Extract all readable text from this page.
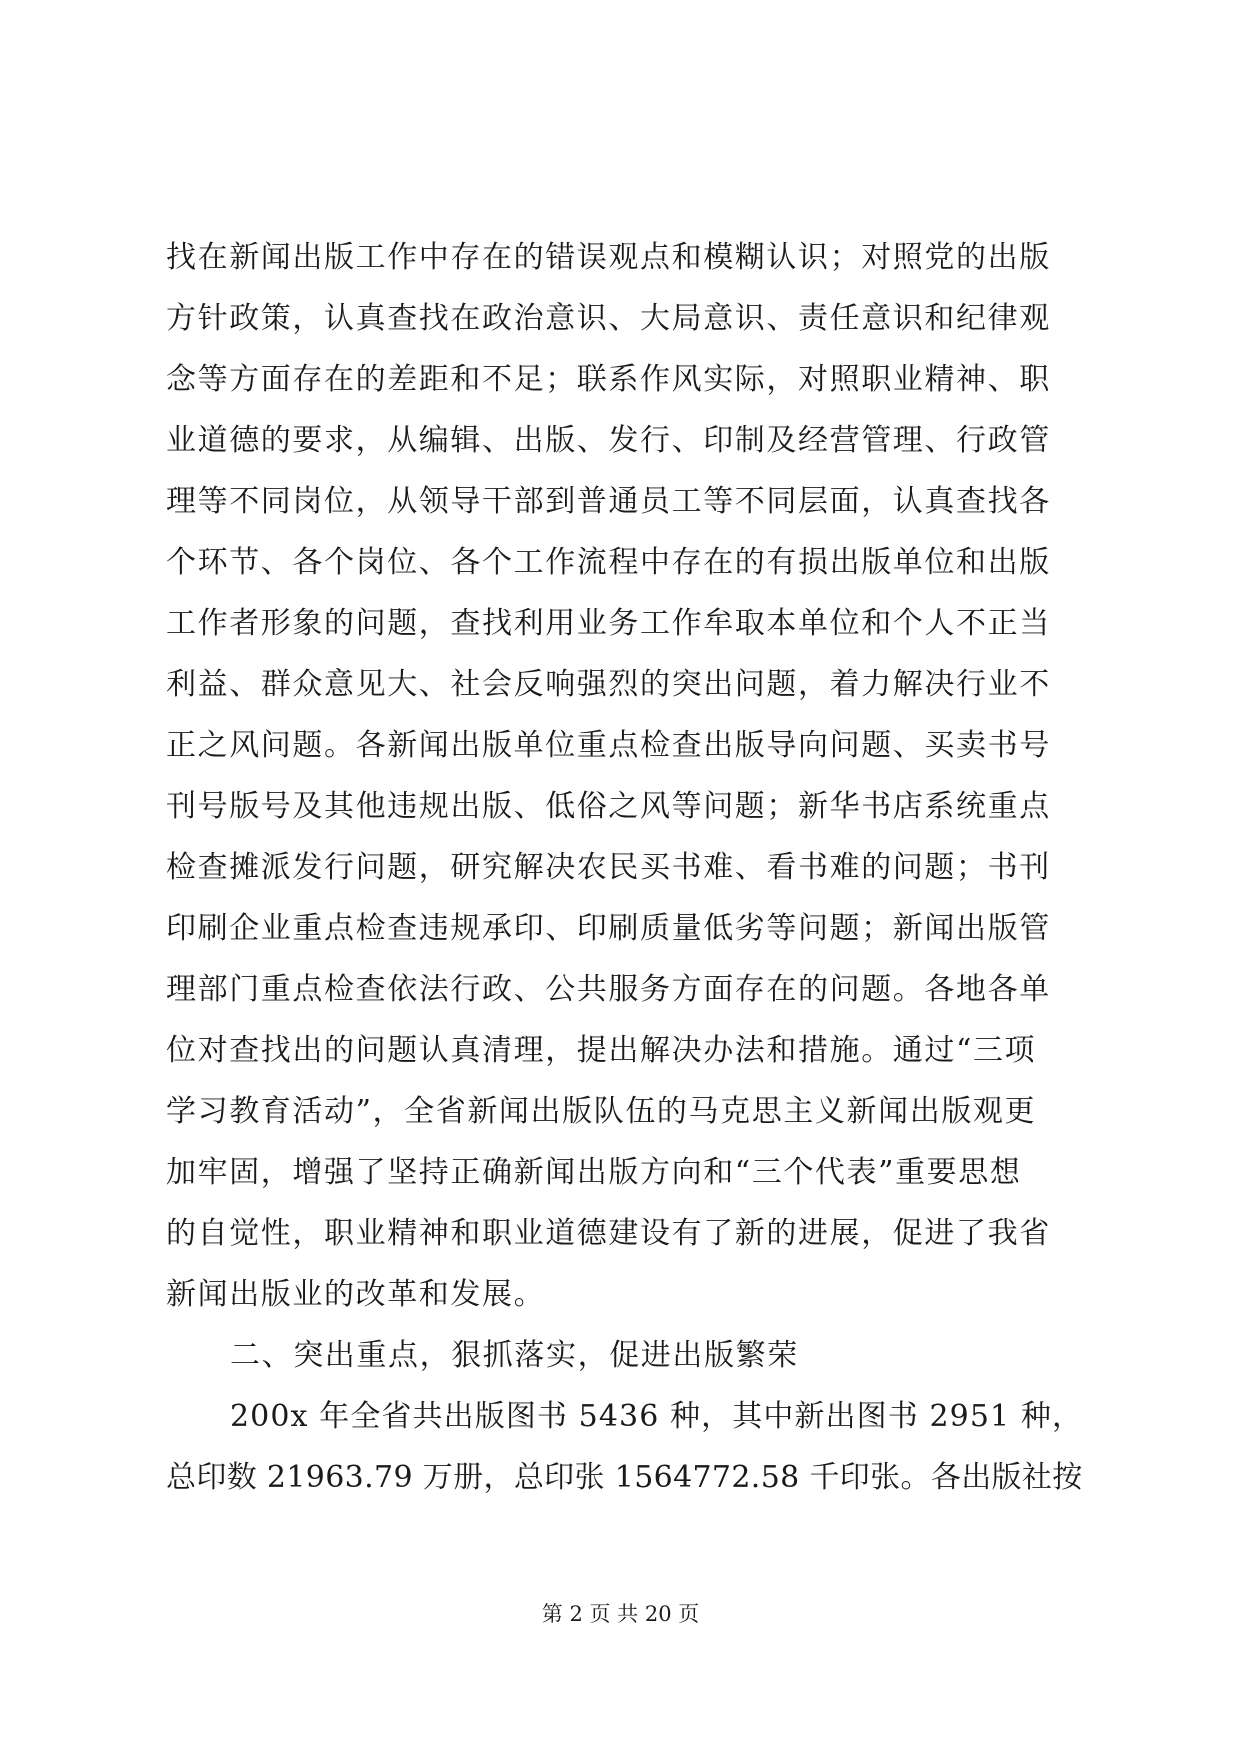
找在新闻出版工作中存在的错误观点和模糊认识；对照党的出版
方针政策，认真查找在政治意识、大局意识、责任意识和纪律观
念等方面存在的差距和不足；联系作风实际，对照职业精神、职
业道德的要求，从编辑、出版、发行、印制及经营管理、行政管
理等不同岗位，从领导干部到普通员工等不同层面，认真查找各
个环节、各个岗位、各个工作流程中存在的有损出版单位和出版
工作者形象的问题，查找利用业务工作牟取本单位和个人不正当
利益、群众意见大、社会反响强烈的突出问题，着力解决行业不
正之风问题。各新闻出版单位重点检查出版导向问题、买卖书号
刊号版号及其他违规出版、低俗之风等问题；新华书店系统重点
检查摊派发行问题，研究解决农民买书难、看书难的问题；书刊
印刷企业重点检查违规承印、印刷质量低劣等问题；新闻出版管
理部门重点检查依法行政、公共服务方面存在的问题。各地各单
位对查找出的问题认真清理，提出解决办法和措施。通过“三项
学习教育活动”，全省新闻出版队伍的马克思主义新闻出版观更
加牢固，增强了坚持正确新闻出版方向和“三个代表”重要思想
的自觉性，职业精神和职业道德建设有了新的进展，促进了我省
新闻出版业的改革和发展。
二、突出重点，狠抓落实，促进出版繁荣
200x 年全省共出版图书 5436 种，其中新出图书 2951 种，
总印数 21963.79 万册，总印张 1564772.58 千印张。各出版社按
第 2 页 共 20 页
